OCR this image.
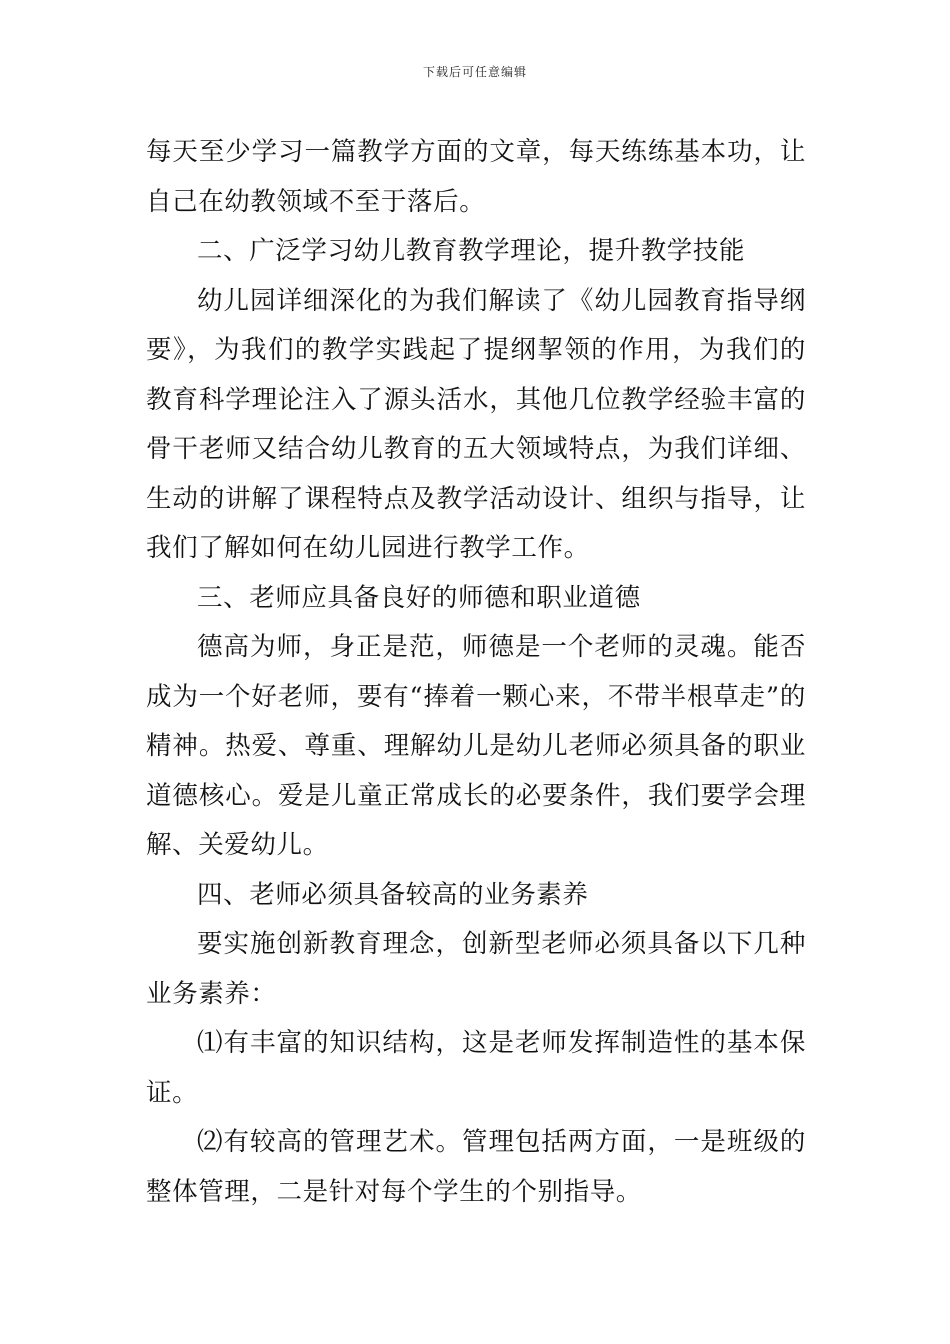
下载后可任意编辑

每天至少学习一篇教学方面的文章，每天练练基本功，让自己在幼教领域不至于落后。

二、广泛学习幼儿教育教学理论，提升教学技能

幼儿园详细深化的为我们解读了《幼儿园教育指导纲要》，为我们的教学实践起了提纲挈领的作用，为我们的教育科学理论注入了源头活水，其他几位教学经验丰富的骨干老师又结合幼儿教育的五大领域特点，为我们详细、生动的讲解了课程特点及教学活动设计、组织与指导，让我们了解如何在幼儿园进行教学工作。

三、老师应具备良好的师德和职业道德

德高为师，身正是范，师德是一个老师的灵魂。能否成为一个好老师，要有“捧着一颗心来，不带半根草走”的精神。热爱、尊重、理解幼儿是幼儿老师必须具备的职业道德核心。爱是儿童正常成长的必要条件，我们要学会理解、关爱幼儿。

四、老师必须具备较高的业务素养

要实施创新教育理念，创新型老师必须具备以下几种业务素养：

⑴有丰富的知识结构，这是老师发挥制造性的基本保证。

⑵有较高的管理艺术。管理包括两方面，一是班级的整体管理，二是针对每个学生的个别指导。
